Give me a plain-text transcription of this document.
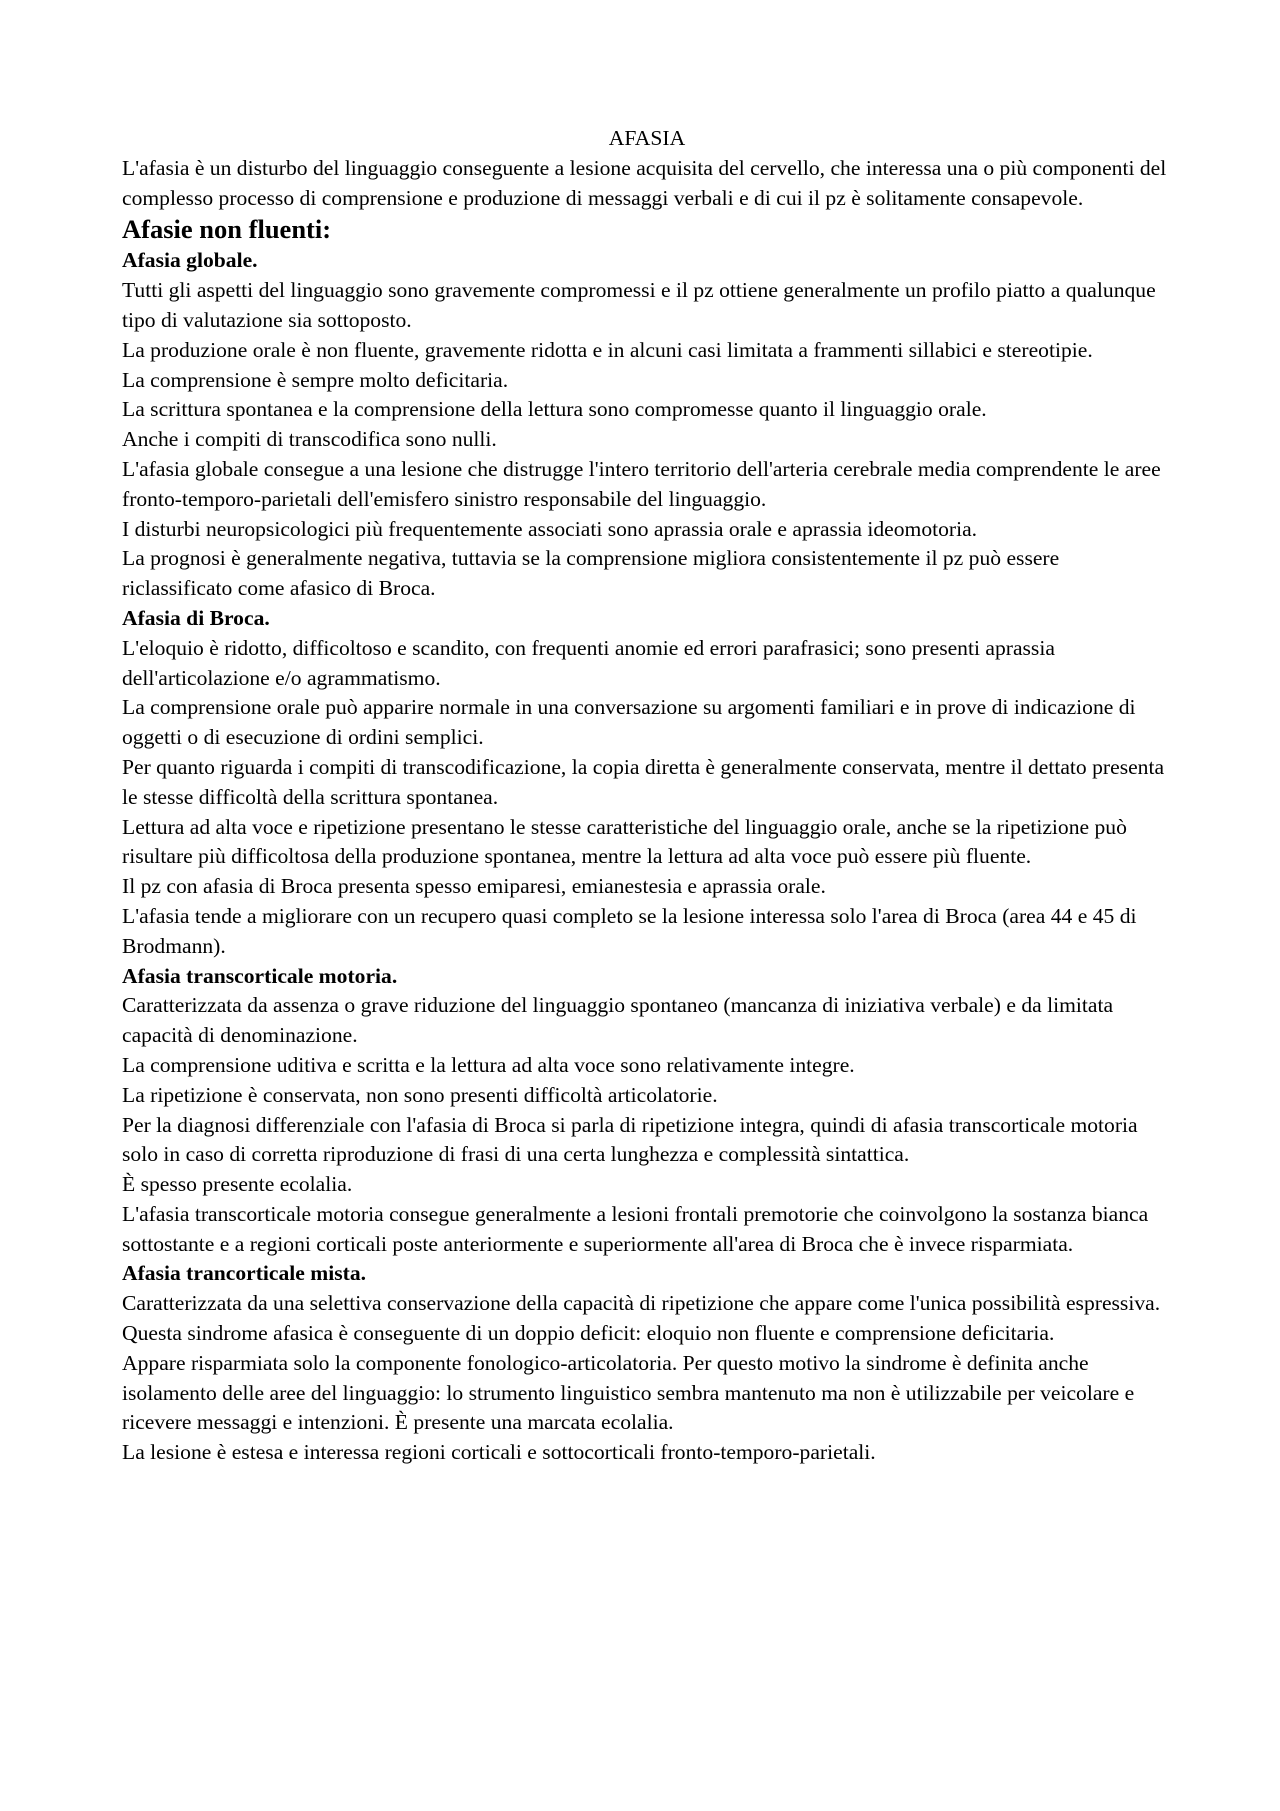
AFASIA

L'afasia è un disturbo del linguaggio conseguente a lesione acquisita del cervello, che interessa una o più componenti del complesso processo di comprensione e produzione di messaggi verbali e di cui il pz è solitamente consapevole.

Afasie non fluenti:
Afasia globale.

Tutti gli aspetti del linguaggio sono gravemente compromessi e il pz ottiene generalmente un profilo piatto a qualunque tipo di valutazione sia sottoposto.

La produzione orale è non fluente, gravemente ridotta e in alcuni casi limitata a frammenti sillabici e stereotipie.

La comprensione è sempre molto deficitaria.

La scrittura spontanea e la comprensione della lettura sono compromesse quanto il linguaggio orale.

Anche i compiti di transcodifica sono nulli.

L'afasia globale consegue a una lesione che distrugge l'intero territorio dell'arteria cerebrale media comprendente le aree fronto-temporo-parietali dell'emisfero sinistro responsabile del linguaggio.

I disturbi neuropsicologici più frequentemente associati sono aprassia orale e aprassia ideomotoria.

La prognosi è generalmente negativa, tuttavia se la comprensione migliora consistentemente il pz può essere riclassificato come afasico di Broca.

Afasia di Broca.

L'eloquio è ridotto, difficoltoso e scandito, con frequenti anomie ed errori parafrasici; sono presenti aprassia dell'articolazione e/o agrammatismo.

La comprensione orale può apparire normale in una conversazione su argomenti familiari e in prove di indicazione di oggetti o di esecuzione di ordini semplici.

Per quanto riguarda i compiti di transcodificazione, la copia diretta è generalmente conservata, mentre il dettato presenta le stesse difficoltà della scrittura spontanea.

Lettura ad alta voce e ripetizione presentano le stesse caratteristiche del linguaggio orale, anche se la ripetizione può risultare più difficoltosa della produzione spontanea, mentre la lettura ad alta voce può essere più fluente.

Il pz con afasia di Broca presenta spesso emiparesi, emianestesia e aprassia orale.

L'afasia tende a migliorare con un recupero quasi completo se la lesione interessa solo l'area di Broca (area 44 e 45 di Brodmann).

Afasia transcorticale motoria.

Caratterizzata da assenza o grave riduzione del linguaggio spontaneo (mancanza di iniziativa verbale) e da limitata capacità di denominazione.

La comprensione uditiva e scritta e la lettura ad alta voce sono relativamente integre.

La ripetizione è conservata, non sono presenti difficoltà articolatorie.

Per la diagnosi differenziale con l'afasia di Broca si parla di ripetizione integra, quindi di afasia transcorticale motoria solo in caso di corretta riproduzione di frasi di una certa lunghezza e complessità sintattica.

È spesso presente ecolalia.

L'afasia transcorticale motoria consegue generalmente a lesioni frontali premotorie che coinvolgono la sostanza bianca sottostante e a regioni corticali poste anteriormente e superiormente all'area di Broca che è invece risparmiata.

Afasia trancorticale mista.

Caratterizzata da una selettiva conservazione della capacità di ripetizione che appare come l'unica possibilità espressiva.

Questa sindrome afasica è conseguente di un doppio deficit: eloquio non fluente e comprensione deficitaria.

Appare risparmiata solo la componente fonologico-articolatoria. Per questo motivo la sindrome è definita anche isolamento delle aree del linguaggio: lo strumento linguistico sembra mantenuto ma non è utilizzabile per veicolare e ricevere messaggi e intenzioni. È presente una marcata ecolalia.

La lesione è estesa e interessa regioni corticali e sottocorticali fronto-temporo-parietali.
